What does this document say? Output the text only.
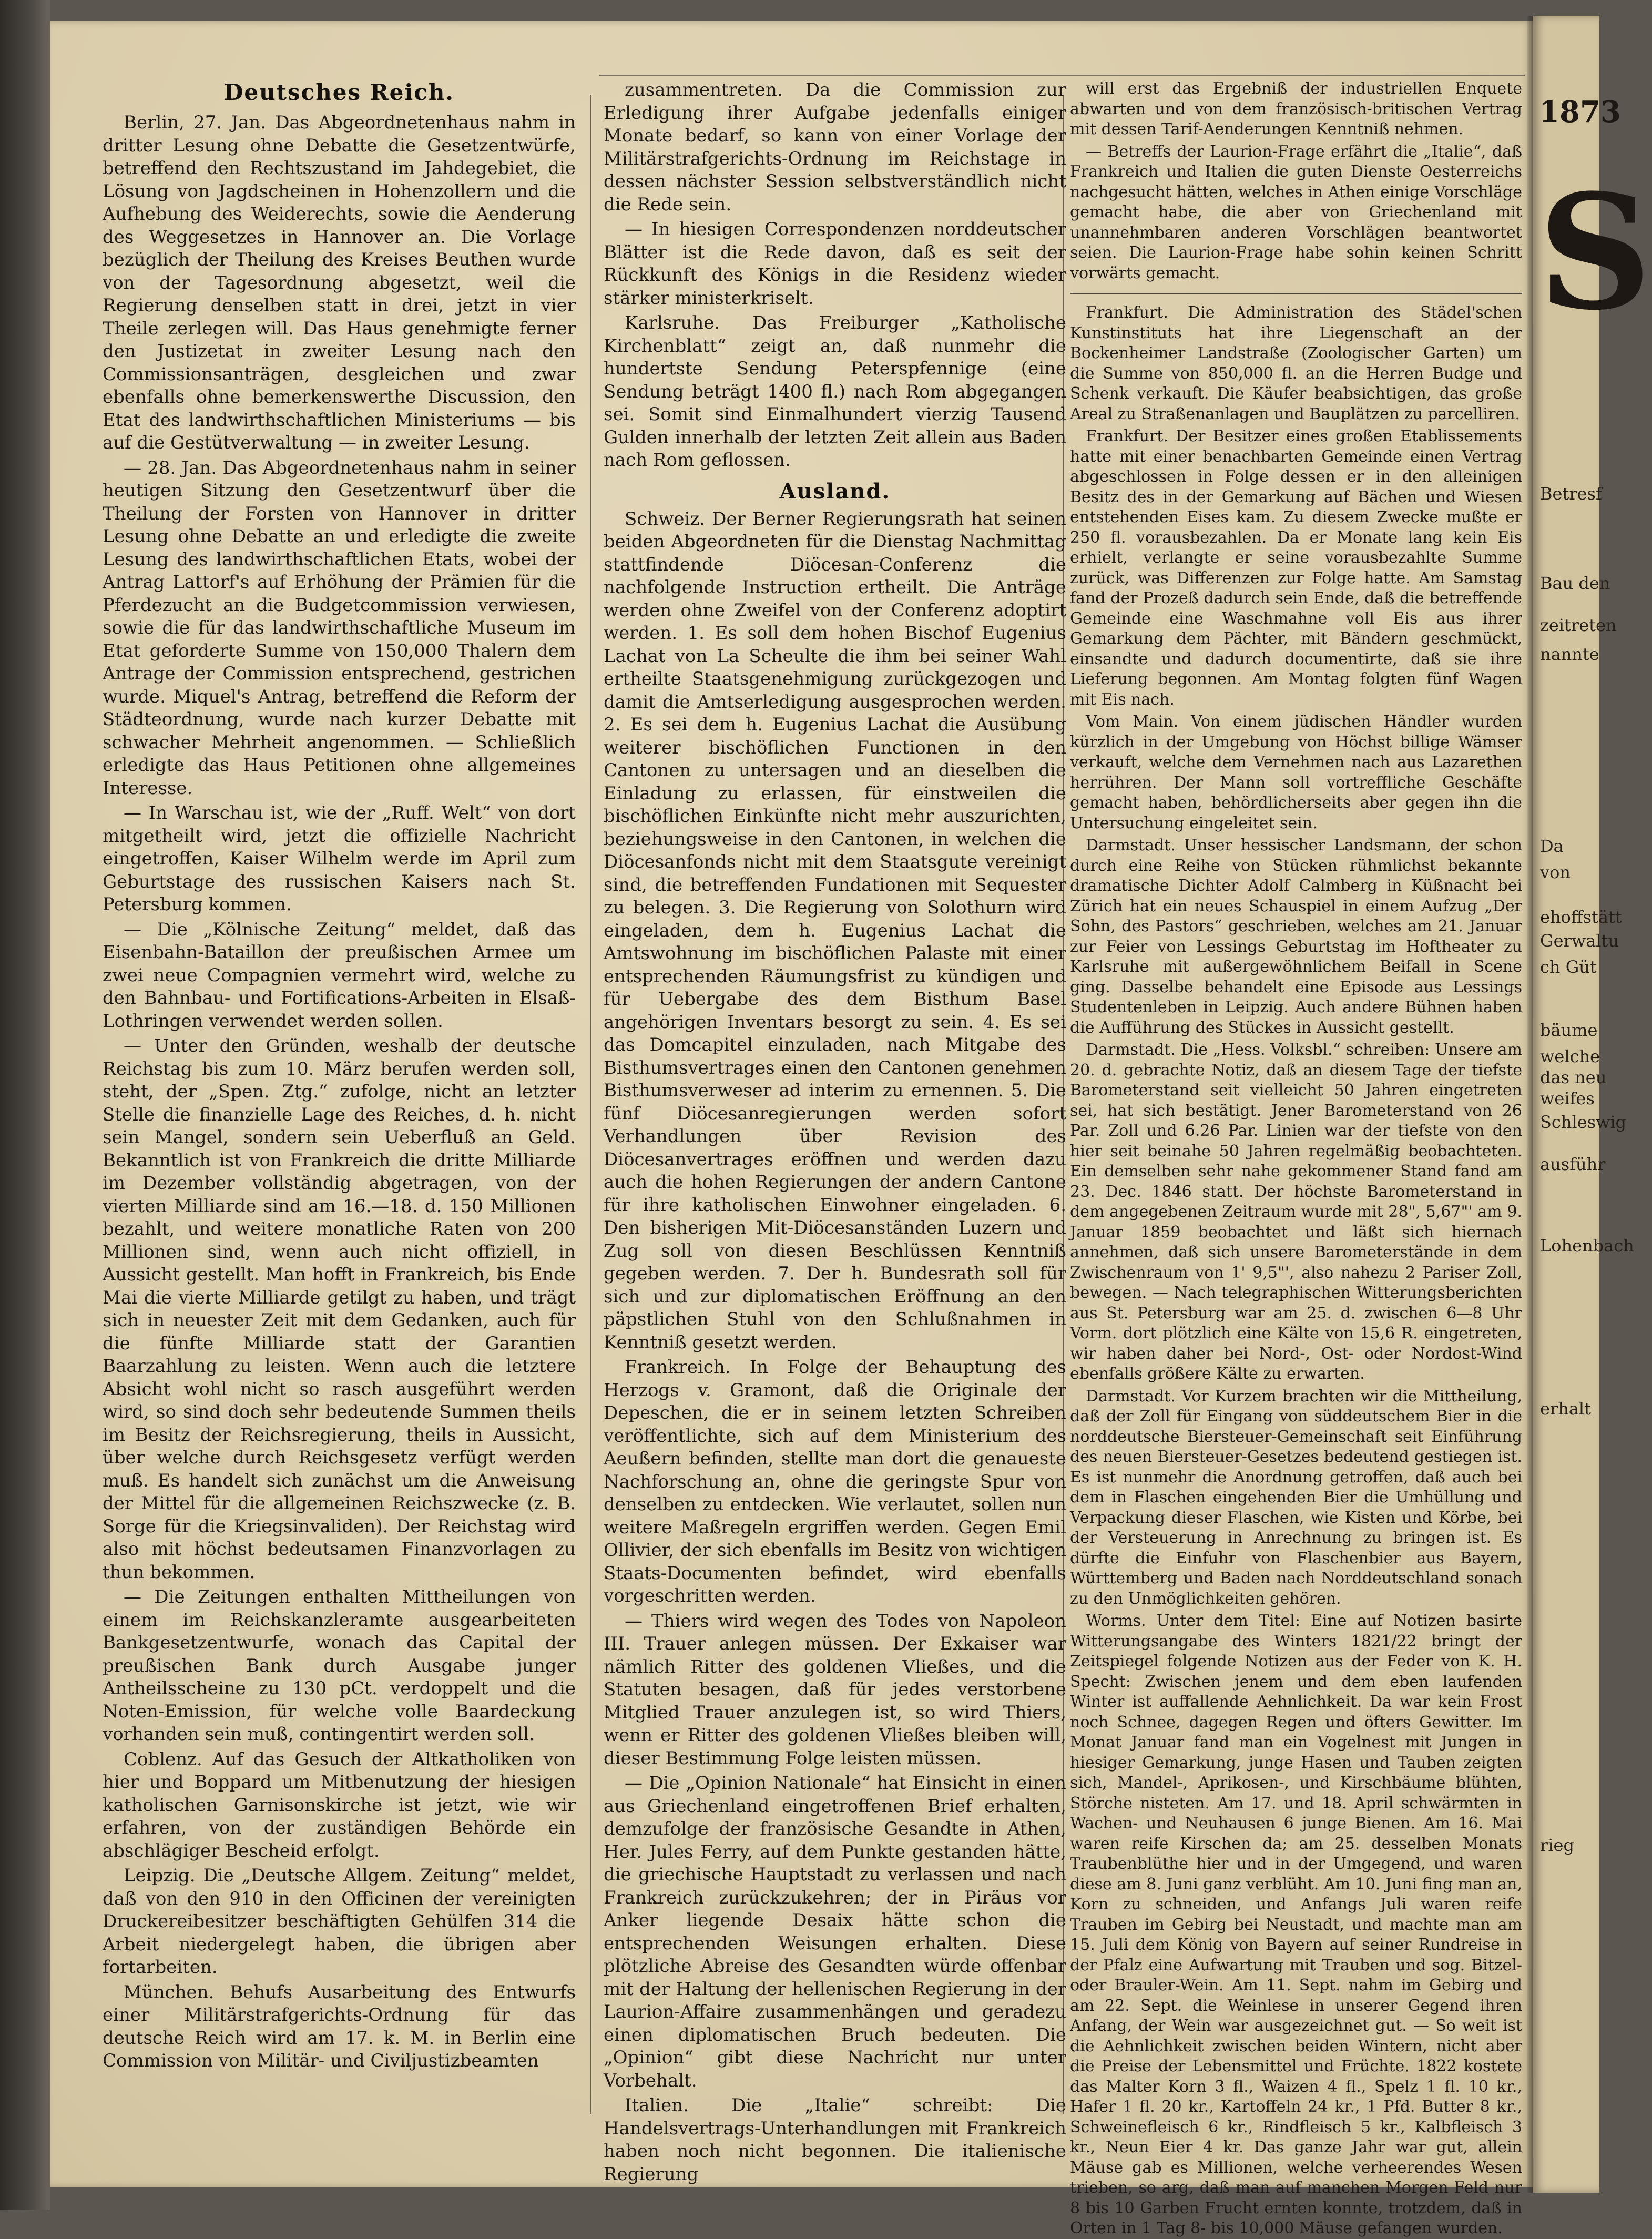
1873
S
Betresf
Bau den
zeitreten
nannte
Da
von
ehoffstätt
Gerwaltu
ch Güt
bäume
welche
das neu
weifes
Schleswig
ausführ
Lohenbach
erhalt
rieg
Deutsches Reich.

Berlin, 27. Jan. Das Abgeordnetenhaus nahm in dritter Lesung ohne Debatte die Gesetzentwürfe, betreffend den Rechtszustand im Jahdegebiet, die Lösung von Jagdscheinen in Hohenzollern und die Aufhebung des Weiderechts, sowie die Aenderung des Weggesetzes in Hannover an. Die Vorlage bezüglich der Theilung des Kreises Beuthen wurde von der Tagesordnung abgesetzt, weil die Regierung denselben statt in drei, jetzt in vier Theile zerlegen will. Das Haus genehmigte ferner den Justizetat in zweiter Lesung nach den Commissionsanträgen, desgleichen und zwar ebenfalls ohne bemerkenswerthe Discussion, den Etat des landwirthschaftlichen Ministeriums — bis auf die Gestütverwaltung — in zweiter Lesung.

— 28. Jan. Das Abgeordnetenhaus nahm in seiner heutigen Sitzung den Gesetzentwurf über die Theilung der Forsten von Hannover in dritter Lesung ohne Debatte an und erledigte die zweite Lesung des landwirthschaftlichen Etats, wobei der Antrag Lattorf's auf Erhöhung der Prämien für die Pferdezucht an die Budgetcommission verwiesen, sowie die für das landwirthschaftliche Museum im Etat geforderte Summe von 150,000 Thalern dem Antrage der Commission entsprechend, gestrichen wurde. Miquel's Antrag, betreffend die Reform der Städteordnung, wurde nach kurzer Debatte mit schwacher Mehrheit angenommen. — Schließlich erledigte das Haus Petitionen ohne allgemeines Interesse.

— In Warschau ist, wie der „Ruff. Welt“ von dort mitgetheilt wird, jetzt die offizielle Nachricht eingetroffen, Kaiser Wilhelm werde im April zum Geburtstage des russischen Kaisers nach St. Petersburg kommen.

— Die „Kölnische Zeitung“ meldet, daß das Eisenbahn-Bataillon der preußischen Armee um zwei neue Compagnien vermehrt wird, welche zu den Bahnbau- und Fortifications-Arbeiten in Elsaß-Lothringen verwendet werden sollen.

— Unter den Gründen, weshalb der deutsche Reichstag bis zum 10. März berufen werden soll, steht, der „Spen. Ztg.“ zufolge, nicht an letzter Stelle die finanzielle Lage des Reiches, d. h. nicht sein Mangel, sondern sein Ueberfluß an Geld. Bekanntlich ist von Frankreich die dritte Milliarde im Dezember vollständig abgetragen, von der vierten Milliarde sind am 16.—18. d. 150 Millionen bezahlt, und weitere monatliche Raten von 200 Millionen sind, wenn auch nicht offiziell, in Aussicht gestellt. Man hofft in Frankreich, bis Ende Mai die vierte Milliarde getilgt zu haben, und trägt sich in neuester Zeit mit dem Gedanken, auch für die fünfte Milliarde statt der Garantien Baarzahlung zu leisten. Wenn auch die letztere Absicht wohl nicht so rasch ausgeführt werden wird, so sind doch sehr bedeutende Summen theils im Besitz der Reichsregierung, theils in Aussicht, über welche durch Reichsgesetz verfügt werden muß. Es handelt sich zunächst um die Anweisung der Mittel für die allgemeinen Reichszwecke (z. B. Sorge für die Kriegsinvaliden). Der Reichstag wird also mit höchst bedeutsamen Finanzvorlagen zu thun bekommen.

— Die Zeitungen enthalten Mittheilungen von einem im Reichskanzleramte ausgearbeiteten Bankgesetzentwurfe, wonach das Capital der preußischen Bank durch Ausgabe junger Antheilsscheine zu 130 pCt. verdoppelt und die Noten-Emission, für welche volle Baardeckung vorhanden sein muß, contingentirt werden soll.

Coblenz. Auf das Gesuch der Altkatholiken von hier und Boppard um Mitbenutzung der hiesigen katholischen Garnisonskirche ist jetzt, wie wir erfahren, von der zuständigen Behörde ein abschlägiger Bescheid erfolgt.

Leipzig. Die „Deutsche Allgem. Zeitung“ meldet, daß von den 910 in den Officinen der vereinigten Druckereibesitzer beschäftigten Gehülfen 314 die Arbeit niedergelegt haben, die übrigen aber fortarbeiten.

München. Behufs Ausarbeitung des Entwurfs einer Militärstrafgerichts-Ordnung für das deutsche Reich wird am 17. k. M. in Berlin eine Commission von Militär- und Civiljustizbeamten

zusammentreten. Da die Commission zur Erledigung ihrer Aufgabe jedenfalls einiger Monate bedarf, so kann von einer Vorlage der Militärstrafgerichts-Ordnung im Reichstage in dessen nächster Session selbstverständlich nicht die Rede sein.

— In hiesigen Correspondenzen norddeutscher Blätter ist die Rede davon, daß es seit der Rückkunft des Königs in die Residenz wieder stärker ministerkriselt.

Karlsruhe. Das Freiburger „Katholische Kirchenblatt“ zeigt an, daß nunmehr die hundertste Sendung Peterspfennige (eine Sendung beträgt 1400 fl.) nach Rom abgegangen sei. Somit sind Einmalhundert vierzig Tausend Gulden innerhalb der letzten Zeit allein aus Baden nach Rom geflossen.

Ausland.

Schweiz. Der Berner Regierungsrath hat seinen beiden Abgeordneten für die Dienstag Nachmittag stattfindende Diöcesan-Conferenz die nachfolgende Instruction ertheilt. Die Anträge werden ohne Zweifel von der Conferenz adoptirt werden. 1. Es soll dem hohen Bischof Eugenius Lachat von La Scheulte die ihm bei seiner Wahl ertheilte Staatsgenehmigung zurückgezogen und damit die Amtserledigung ausgesprochen werden. 2. Es sei dem h. Eugenius Lachat die Ausübung weiterer bischöflichen Functionen in den Cantonen zu untersagen und an dieselben die Einladung zu erlassen, für einstweilen die bischöflichen Einkünfte nicht mehr auszurichten, beziehungsweise in den Cantonen, in welchen die Diöcesanfonds nicht mit dem Staatsgute vereinigt sind, die betreffenden Fundationen mit Sequester zu belegen. 3. Die Regierung von Solothurn wird eingeladen, dem h. Eugenius Lachat die Amtswohnung im bischöflichen Palaste mit einer entsprechenden Räumungsfrist zu kündigen und für Uebergabe des dem Bisthum Basel angehörigen Inventars besorgt zu sein. 4. Es sei das Domcapitel einzuladen, nach Mitgabe des Bisthumsvertrages einen den Cantonen genehmen Bisthumsverweser ad interim zu ernennen. 5. Die fünf Diöcesanregierungen werden sofort Verhandlungen über Revision des Diöcesanvertrages eröffnen und werden dazu auch die hohen Regierungen der andern Cantone für ihre katholischen Einwohner eingeladen. 6. Den bisherigen Mit-Diöcesanständen Luzern und Zug soll von diesen Beschlüssen Kenntniß gegeben werden. 7. Der h. Bundesrath soll für sich und zur diplomatischen Eröffnung an den päpstlichen Stuhl von den Schlußnahmen in Kenntniß gesetzt werden.

Frankreich. In Folge der Behauptung des Herzogs v. Gramont, daß die Originale der Depeschen, die er in seinem letzten Schreiben veröffentlichte, sich auf dem Ministerium des Aeußern befinden, stellte man dort die genaueste Nachforschung an, ohne die geringste Spur von denselben zu entdecken. Wie verlautet, sollen nun weitere Maßregeln ergriffen werden. Gegen Emil Ollivier, der sich ebenfalls im Besitz von wichtigen Staats-Documenten befindet, wird ebenfalls vorgeschritten werden.

— Thiers wird wegen des Todes von Napoleon III. Trauer anlegen müssen. Der Exkaiser war nämlich Ritter des goldenen Vließes, und die Statuten besagen, daß für jedes verstorbene Mitglied Trauer anzulegen ist, so wird Thiers, wenn er Ritter des goldenen Vließes bleiben will, dieser Bestimmung Folge leisten müssen.

— Die „Opinion Nationale“ hat Einsicht in einen aus Griechenland eingetroffenen Brief erhalten, demzufolge der französische Gesandte in Athen, Her. Jules Ferry, auf dem Punkte gestanden hätte, die griechische Hauptstadt zu verlassen und nach Frankreich zurückzukehren; der in Piräus vor Anker liegende Desaix hätte schon die entsprechenden Weisungen erhalten. Diese plötzliche Abreise des Gesandten würde offenbar mit der Haltung der hellenischen Regierung in der Laurion-Affaire zusammenhängen und geradezu einen diplomatischen Bruch bedeuten. Die „Opinion“ gibt diese Nachricht nur unter Vorbehalt.

Italien. Die „Italie“ schreibt: Die Handelsvertrags-Unterhandlungen mit Frankreich haben noch nicht begonnen. Die italienische Regierung

will erst das Ergebniß der industriellen Enquete abwarten und von dem französisch-britischen Vertrag mit dessen Tarif-Aenderungen Kenntniß nehmen.

— Betreffs der Laurion-Frage erfährt die „Italie“, daß Frankreich und Italien die guten Dienste Oesterreichs nachgesucht hätten, welches in Athen einige Vorschläge gemacht habe, die aber von Griechenland mit unannehmbaren anderen Vorschlägen beantwortet seien. Die Laurion-Frage habe sohin keinen Schritt vorwärts gemacht.

Frankfurt. Die Administration des Städel'schen Kunstinstituts hat ihre Liegenschaft an der Bockenheimer Landstraße (Zoologischer Garten) um die Summe von 850,000 fl. an die Herren Budge und Schenk verkauft. Die Käufer beabsichtigen, das große Areal zu Straßenanlagen und Bauplätzen zu parcelliren.

Frankfurt. Der Besitzer eines großen Etablissements hatte mit einer benachbarten Gemeinde einen Vertrag abgeschlossen in Folge dessen er in den alleinigen Besitz des in der Gemarkung auf Bächen und Wiesen entstehenden Eises kam. Zu diesem Zwecke mußte er 250 fl. vorausbezahlen. Da er Monate lang kein Eis erhielt, verlangte er seine vorausbezahlte Summe zurück, was Differenzen zur Folge hatte. Am Samstag fand der Prozeß dadurch sein Ende, daß die betreffende Gemeinde eine Waschmahne voll Eis aus ihrer Gemarkung dem Pächter, mit Bändern geschmückt, einsandte und dadurch documentirte, daß sie ihre Lieferung begonnen. Am Montag folgten fünf Wagen mit Eis nach.

Vom Main. Von einem jüdischen Händler wurden kürzlich in der Umgebung von Höchst billige Wämser verkauft, welche dem Vernehmen nach aus Lazarethen herrühren. Der Mann soll vortreffliche Geschäfte gemacht haben, behördlicherseits aber gegen ihn die Untersuchung eingeleitet sein.

Darmstadt. Unser hessischer Landsmann, der schon durch eine Reihe von Stücken rühmlichst bekannte dramatische Dichter Adolf Calmberg in Küßnacht bei Zürich hat ein neues Schauspiel in einem Aufzug „Der Sohn, des Pastors“ geschrieben, welches am 21. Januar zur Feier von Lessings Geburtstag im Hoftheater zu Karlsruhe mit außergewöhnlichem Beifall in Scene ging. Dasselbe behandelt eine Episode aus Lessings Studentenleben in Leipzig. Auch andere Bühnen haben die Aufführung des Stückes in Aussicht gestellt.

Darmstadt. Die „Hess. Volksbl.“ schreiben: Unsere am 20. d. gebrachte Notiz, daß an diesem Tage der tiefste Barometerstand seit vielleicht 50 Jahren eingetreten sei, hat sich bestätigt. Jener Barometerstand von 26 Par. Zoll und 6.26 Par. Linien war der tiefste von den hier seit beinahe 50 Jahren regelmäßig beobachteten. Ein demselben sehr nahe gekommener Stand fand am 23. Dec. 1846 statt. Der höchste Barometerstand in dem angegebenen Zeitraum wurde mit 28", 5,67"' am 9. Januar 1859 beobachtet und läßt sich hiernach annehmen, daß sich unsere Barometerstände in dem Zwischenraum von 1' 9,5"', also nahezu 2 Pariser Zoll, bewegen. — Nach telegraphischen Witterungsberichten aus St. Petersburg war am 25. d. zwischen 6—8 Uhr Vorm. dort plötzlich eine Kälte von 15,6 R. eingetreten, wir haben daher bei Nord-, Ost- oder Nordost-Wind ebenfalls größere Kälte zu erwarten.

Darmstadt. Vor Kurzem brachten wir die Mittheilung, daß der Zoll für Eingang von süddeutschem Bier in die norddeutsche Biersteuer-Gemeinschaft seit Einführung des neuen Biersteuer-Gesetzes bedeutend gestiegen ist. Es ist nunmehr die Anordnung getroffen, daß auch bei dem in Flaschen eingehenden Bier die Umhüllung und Verpackung dieser Flaschen, wie Kisten und Körbe, bei der Versteuerung in Anrechnung zu bringen ist. Es dürfte die Einfuhr von Flaschenbier aus Bayern, Württemberg und Baden nach Norddeutschland sonach zu den Unmöglichkeiten gehören.

Worms. Unter dem Titel: Eine auf Notizen basirte Witterungsangabe des Winters 1821/22 bringt der Zeitspiegel folgende Notizen aus der Feder von K. H. Specht: Zwischen jenem und dem eben laufenden Winter ist auffallende Aehnlichkeit. Da war kein Frost noch Schnee, dagegen Regen und öfters Gewitter. Im Monat Januar fand man ein Vogelnest mit Jungen in hiesiger Gemarkung, junge Hasen und Tauben zeigten sich, Mandel-, Aprikosen-, und Kirschbäume blühten, Störche nisteten. Am 17. und 18. April schwärmten in Wachen- und Neuhausen 6 junge Bienen. Am 16. Mai waren reife Kirschen da; am 25. desselben Monats Traubenblüthe hier und in der Umgegend, und waren diese am 8. Juni ganz verblüht. Am 10. Juni fing man an, Korn zu schneiden, und Anfangs Juli waren reife Trauben im Gebirg bei Neustadt, und machte man am 15. Juli dem König von Bayern auf seiner Rundreise in der Pfalz eine Aufwartung mit Trauben und sog. Bitzel- oder Brauler-Wein. Am 11. Sept. nahm im Gebirg und am 22. Sept. die Weinlese in unserer Gegend ihren Anfang, der Wein war ausgezeichnet gut. — So weit ist die Aehnlichkeit zwischen beiden Wintern, nicht aber die Preise der Lebensmittel und Früchte. 1822 kostete das Malter Korn 3 fl., Waizen 4 fl., Spelz 1 fl. 10 kr., Hafer 1 fl. 20 kr., Kartoffeln 24 kr., 1 Pfd. Butter 8 kr., Schweinefleisch 6 kr., Rindfleisch 5 kr., Kalbfleisch 3 kr., Neun Eier 4 kr. Das ganze Jahr war gut, allein Mäuse gab es Millionen, welche verheerendes Wesen trieben, so arg, daß man auf manchen Morgen Feld nur 8 bis 10 Garben Frucht ernten konnte, trotzdem, daß in Orten in 1 Tag 8- bis 10,000 Mäuse gefangen wurden.
